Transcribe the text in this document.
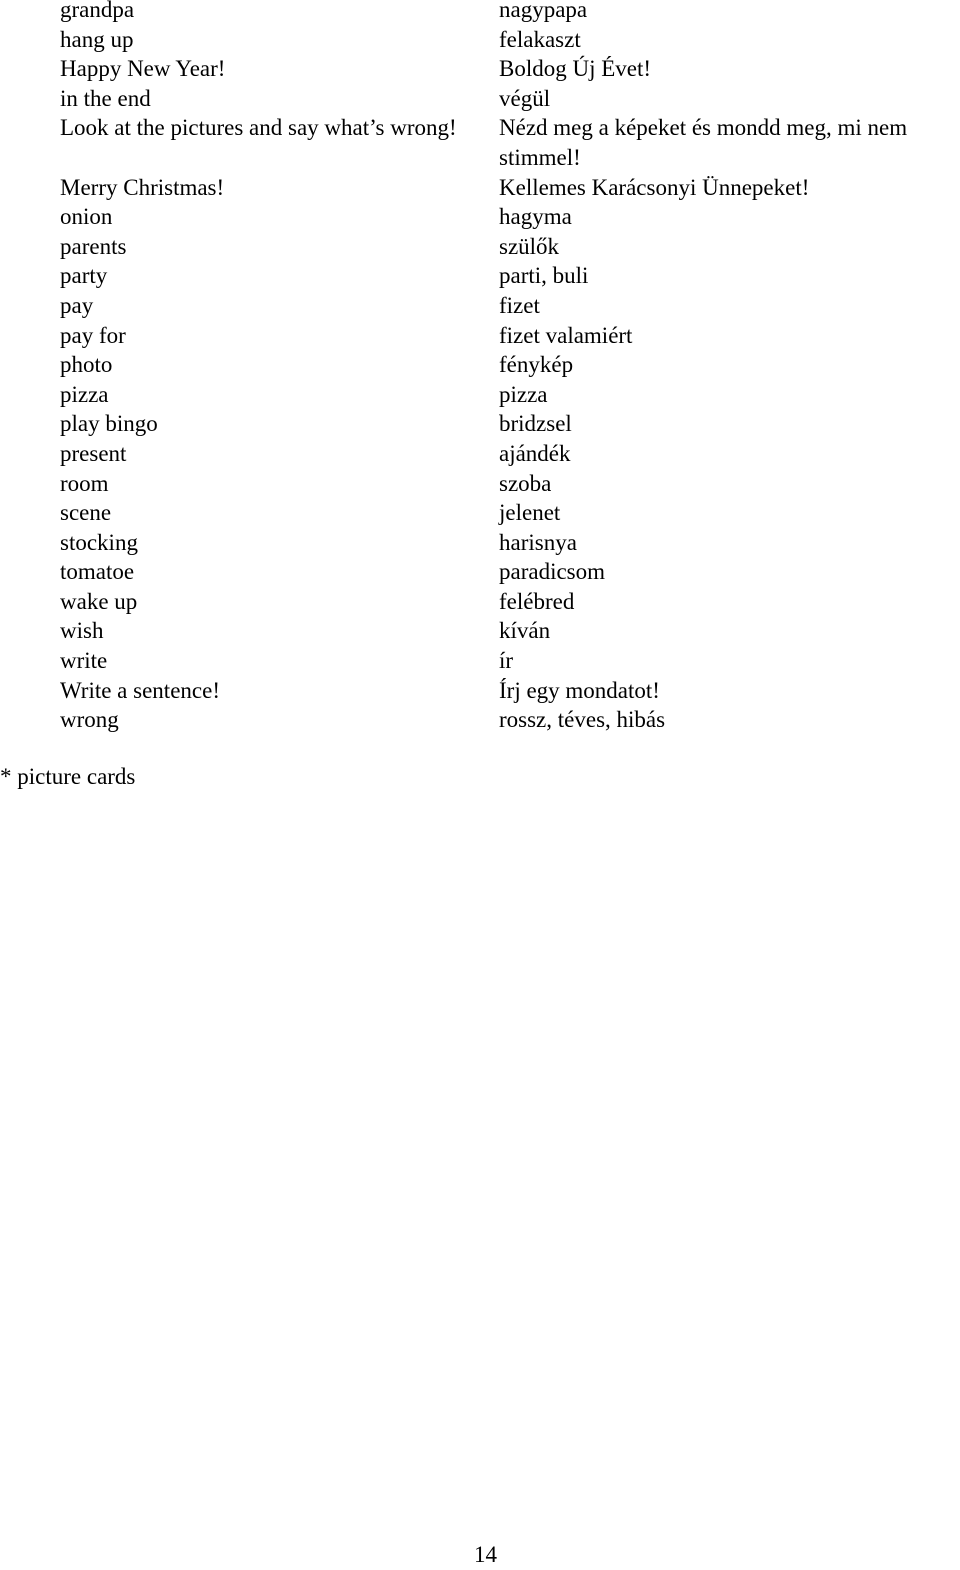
grandpa	nagypapa
hang up	felakaszt
Happy New Year!	Boldog Új Évet!
in the end	végül
Look at the pictures and say what’s wrong!	Nézd meg a képeket és mondd meg, mi nem stimmel!
Merry Christmas!	Kellemes Karácsonyi Ünnepeket!
onion	hagyma
parents	szülők
party	parti, buli
pay	fizet
pay for	fizet valamiért
photo	fénykép
pizza	pizza
play bingo	bridzsel
present	ajándék
room	szoba
scene	jelenet
stocking	harisnya
tomatoe	paradicsom
wake up	felébred
wish	kíván
write	ír
Write a sentence!	Írj egy mondatot!
wrong	rossz, téves, hibás

* picture cards

14
